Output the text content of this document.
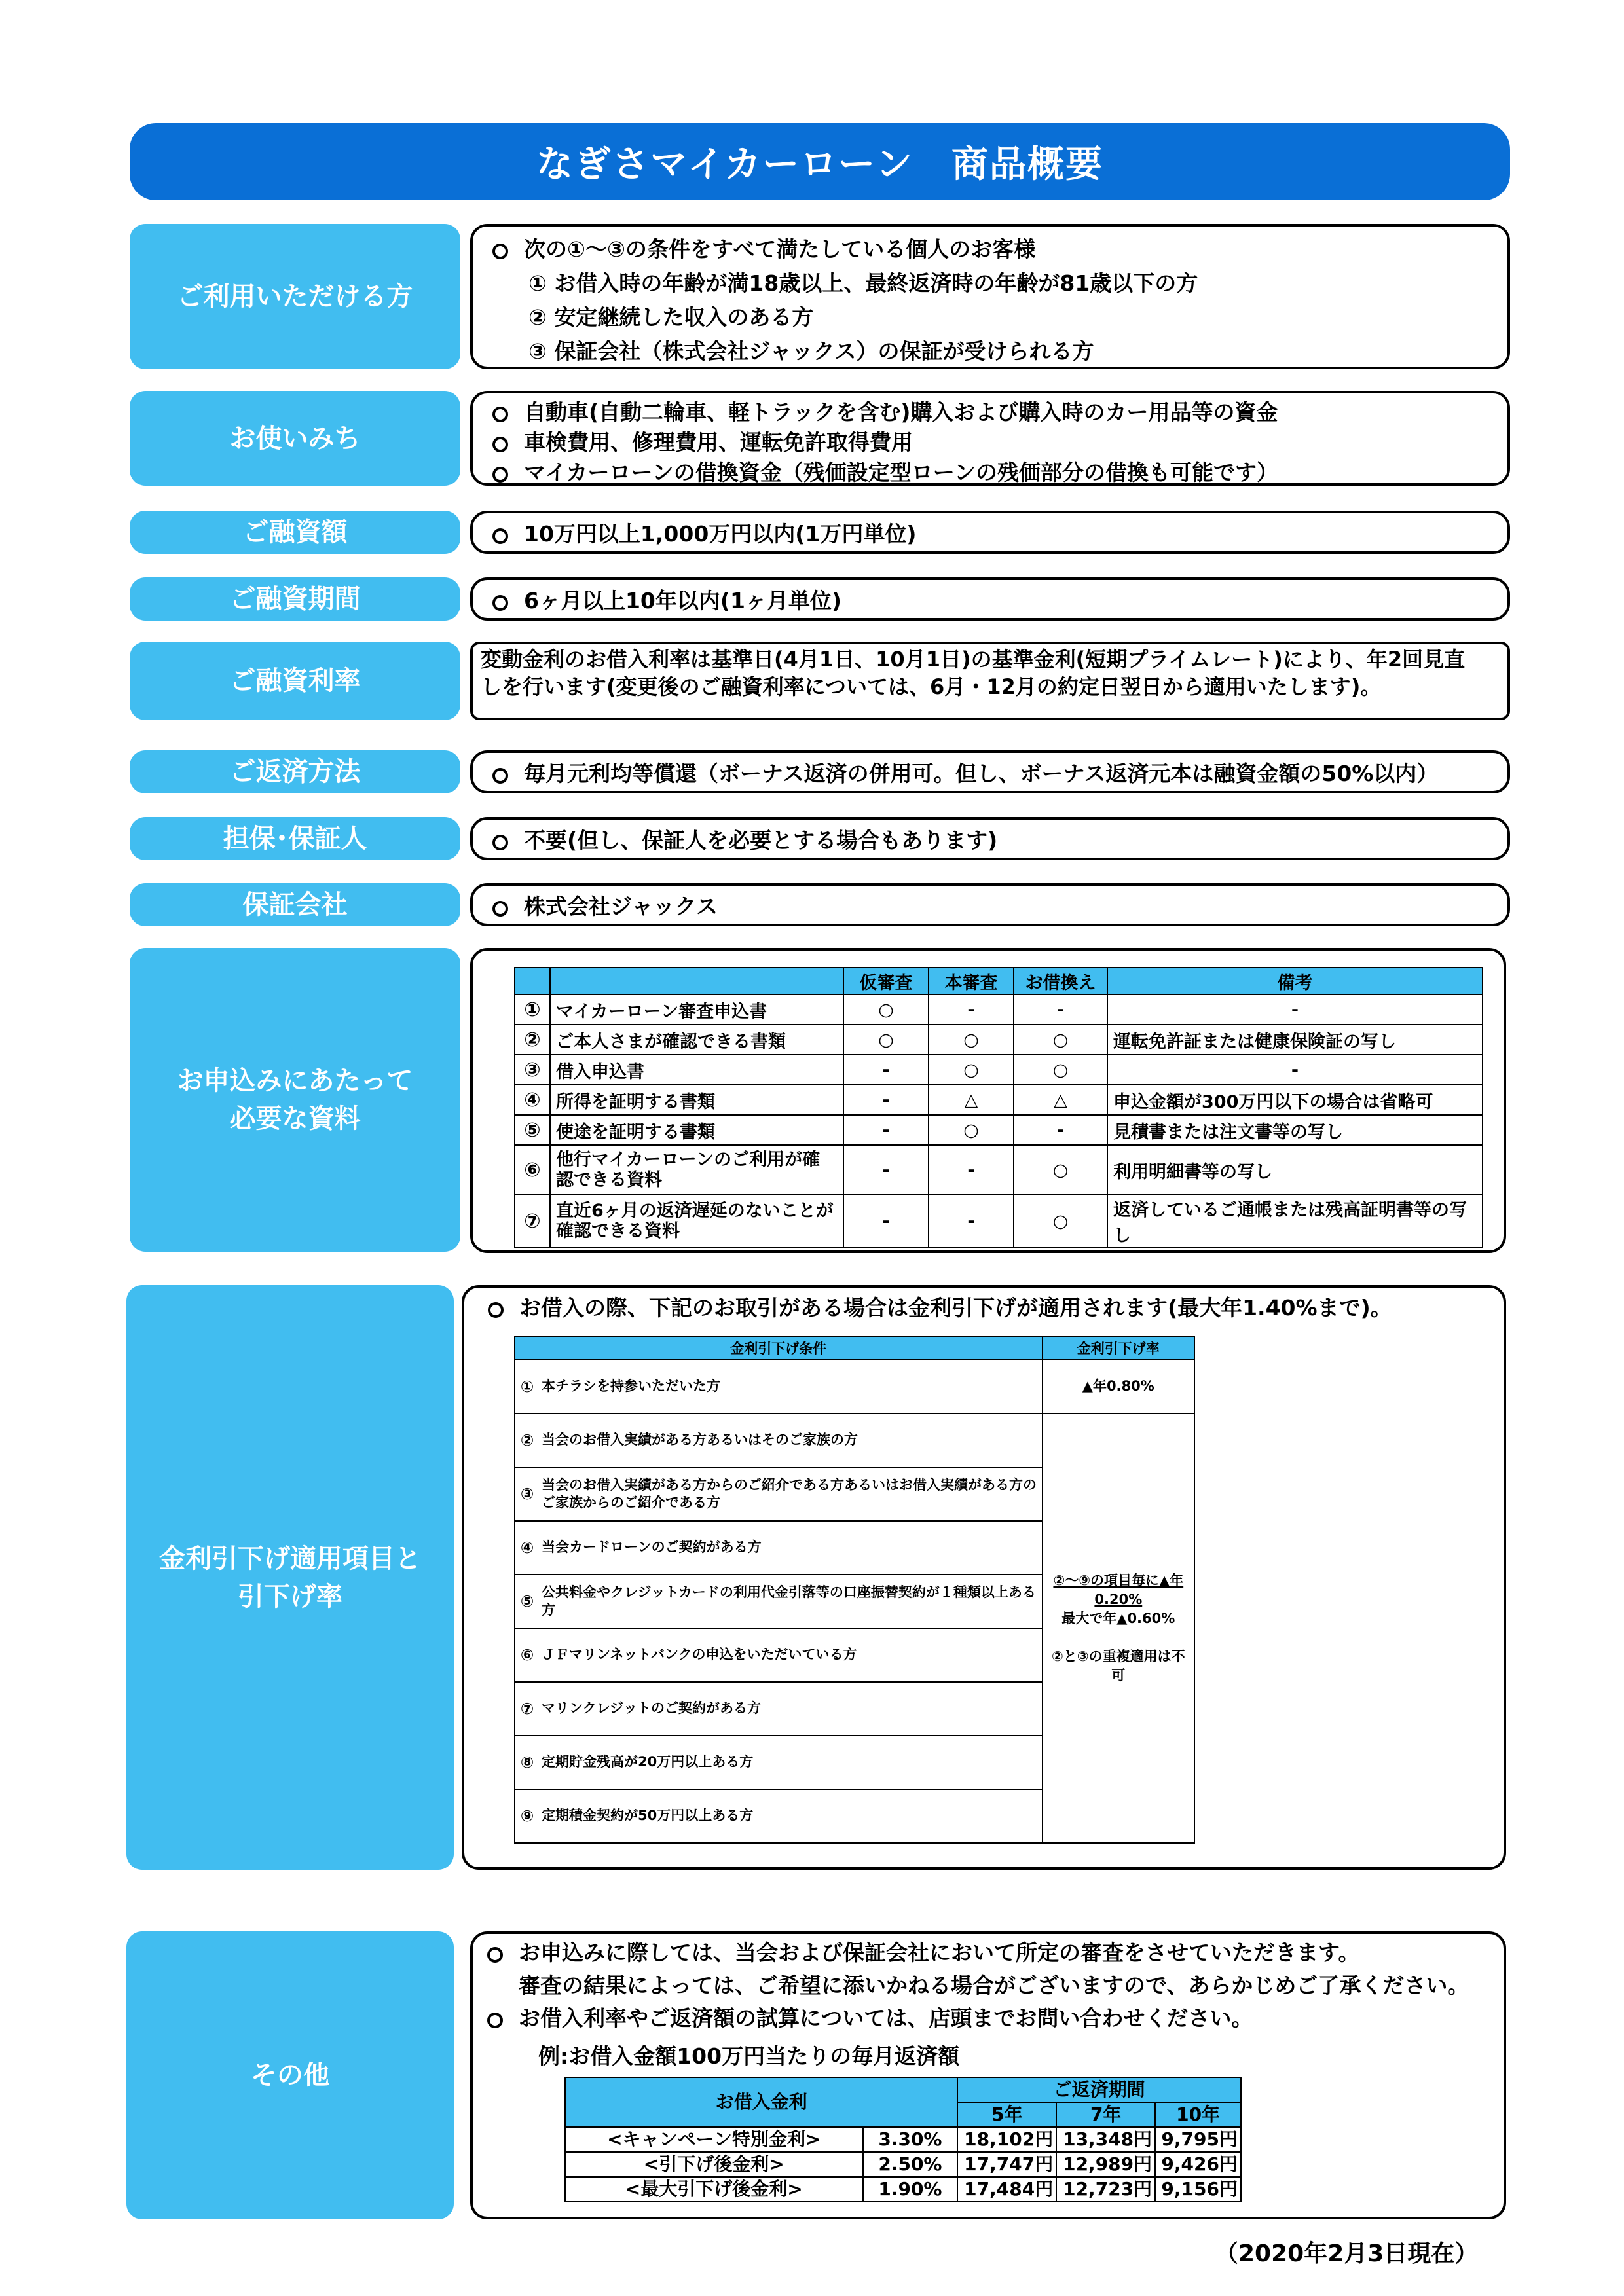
なぎさマイカーローン　商品概要
ご利用いただける方
次の①～③の条件をすべて満たしている個人のお客様
① お借入時の年齢が満18歳以上、最終返済時の年齢が81歳以下の方
② 安定継続した収入のある方
③ 保証会社（株式会社ジャックス）の保証が受けられる方
お使いみち
自動車(自動二輪車、軽トラックを含む)購入および購入時のカー用品等の資金
車検費用、修理費用、運転免許取得費用
マイカーローンの借換資金（残価設定型ローンの残価部分の借換も可能です）
ご融資額	10万円以上1,000万円以内(1万円単位)
ご融資期間	6ヶ月以上10年以内(1ヶ月単位)
ご融資利率
変動金利のお借入利率は基準日(4月1日、10月1日)の基準金利(短期プライムレート)により、年2回見直しを行います(変更後のご融資利率については、6月・12月の約定日翌日から適用いたします)。
ご返済方法	毎月元利均等償還（ボーナス返済の併用可。但し、ボーナス返済元本は融資金額の50%以内）
担保･保証人	不要(但し、保証人を必要とする場合もあります)
保証会社	株式会社ジャックス
お申込みにあたって必要な資料
		仮審査	本審査	お借換え	備考
①	マイカーローン審査申込書	○	-	-	-
②	ご本人さまが確認できる書類	○	○	○	運転免許証または健康保険証の写し
③	借入申込書	-	○	○	-
④	所得を証明する書類	-	△	△	申込金額が300万円以下の場合は省略可
⑤	使途を証明する書類	-	○	-	見積書または注文書等の写し
⑥	他行マイカーローンのご利用が確認できる資料	-	-	○	利用明細書等の写し
⑦	直近6ヶ月の返済遅延のないことが確認できる資料	-	-	○	返済しているご通帳または残高証明書等の写し
金利引下げ適用項目と引下げ率
お借入の際、下記のお取引がある場合は金利引下げが適用されます(最大年1.40%まで)。
金利引下げ条件		金利引下げ率
①	本チラシを持参いただいた方	▲年0.80%
②	当会のお借入実績がある方あるいはそのご家族の方	②～⑨の項目毎に▲年0.20%
最大で年▲0.60%
②と③の重複適用は不可

③	当会のお借入実績がある方からのご紹介である方あるいはお借入実績がある方のご家族からのご紹介である方	
④	当会カードローンのご契約がある方	
⑤	公共料金やクレジットカードの利用代金引落等の口座振替契約が１種類以上ある方	
⑥	ＪＦマリンネットバンクの申込をいただいている方	
⑦	マリンクレジットのご契約がある方	
⑧	定期貯金残高が20万円以上ある方	
⑨	定期積金契約が50万円以上ある方	
その他
お申込みに際しては、当会および保証会社において所定の審査をさせていただきます。
審査の結果によっては、ご希望に添いかねる場合がございますので、あらかじめご了承ください。
お借入利率やご返済額の試算については、店頭までお問い合わせください。
例:お借入金額100万円当たりの毎月返済額
お借入金利		ご返済期間		
		5年	7年	10年
<キャンペーン特別金利>	3.30%	18,102円	13,348円	9,795円
<引下げ後金利>	2.50%	17,747円	12,989円	9,426円
<最大引下げ後金利>	1.90%	17,484円	12,723円	9,156円
（2020年2月3日現在）
